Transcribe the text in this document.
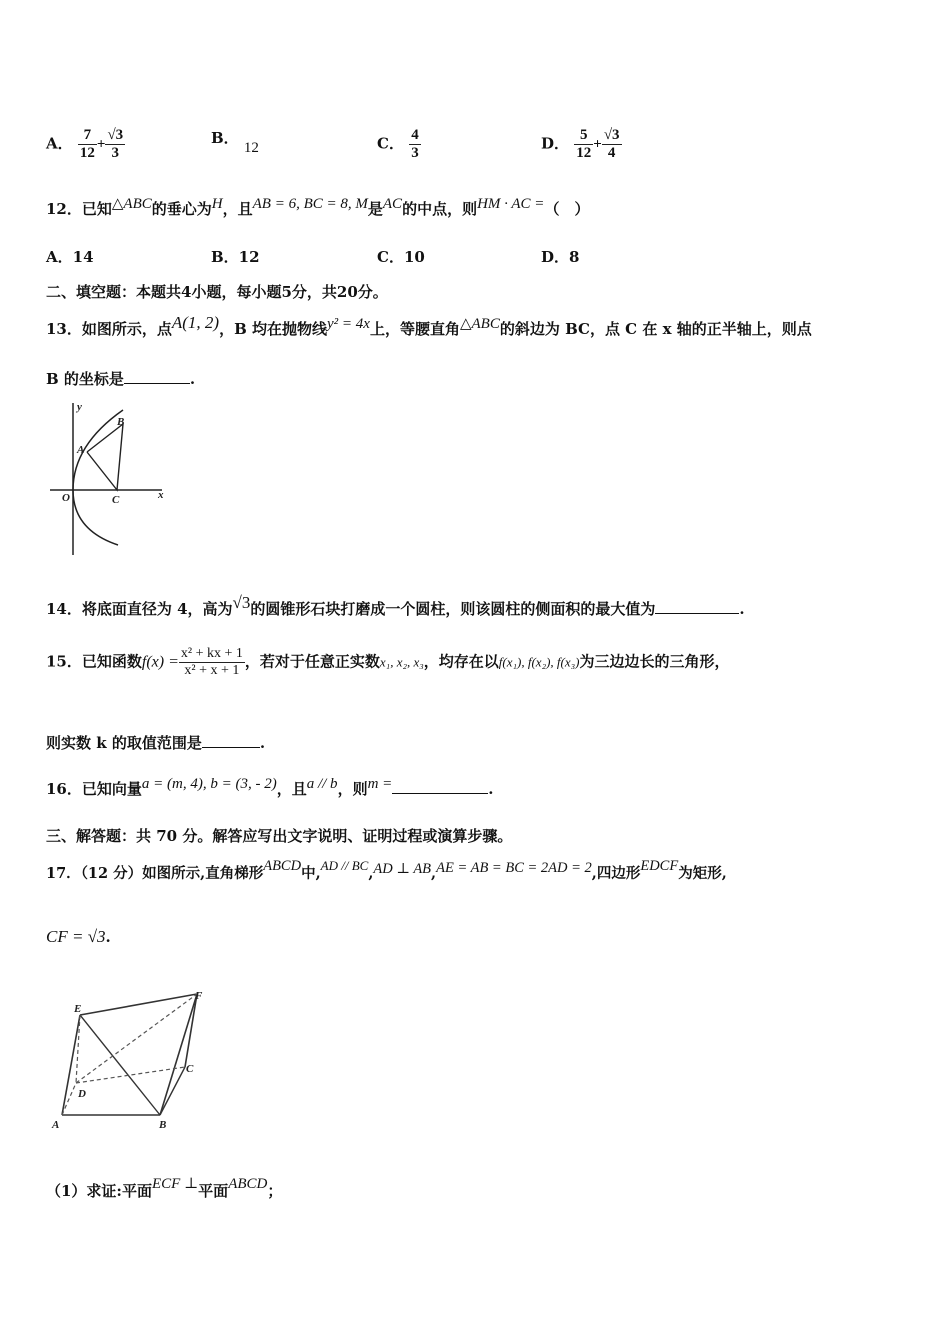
A． $\frac{7}{12} + \frac{√3}{3}$	B． 12	C． $\frac{4}{3}$	D． $\frac{5}{12} + \frac{√3}{4}$
12．已知△ABC的垂心为H，且AB = 6, BC = 8, M是AC的中点，则HM · AC =（　）
A．14	B．12	C．10	D．8
二、填空题：本题共4小题，每小题5分，共20分。
13．如图所示，点A(1, 2)，B 均在抛物线y² = 4x上，等腰直角△ABC的斜边为 BC，点 C 在 x 轴的正半轴上，则点
B 的坐标是	.
y
x
O
A
B
C
14．将底面直径为 4，高为√3的圆锥形石块打磨成一个圆柱，则该圆柱的侧面积的最大值为	.
15．已知函数$f(x) = \frac{\text{x² + kx + 1}}{\text{x² + x + 1}}$ ，若对于任意正实数x₁, x₂, x₃，均存在以f(x₁), f(x₂), f(x₃)为三边边长的三角形，
则实数 k 的取值范围是	.
16．已知向量a = (m, 4), b = (3, - 2)，且a // b，则m =	.
三、解答题：共 70 分。解答应写出文字说明、证明过程或演算步骤。
17．（12 分）如图所示,直角梯形ABCD中,AD // BC,AD ⊥ AB,AE = AB = BC = 2AD = 2,四边形EDCF为矩形,
CF = √3.
E
F
C
D
A	B
（1）求证:平面ECF ⊥平面ABCD；
